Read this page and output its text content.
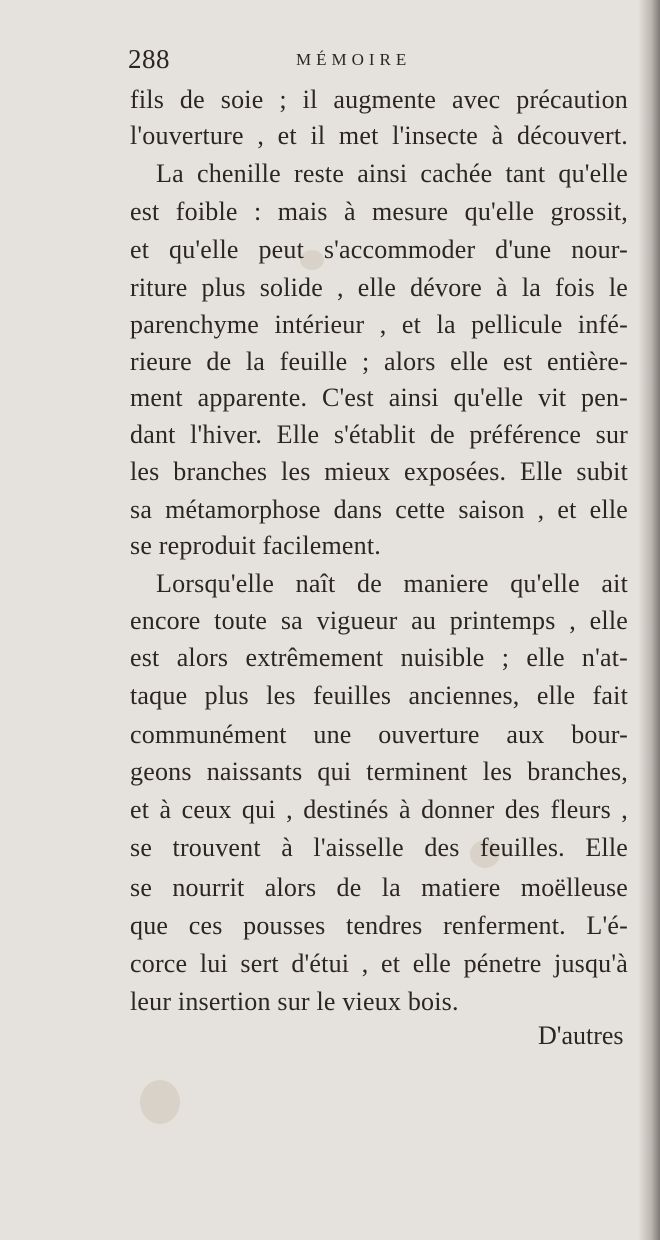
288	MÉMOIRE
fils de soie ; il augmente avec précaution
l'ouverture , et il met l'insecte à découvert.
La chenille reste ainsi cachée tant qu'elle
est foible : mais à mesure qu'elle grossit,
et qu'elle peut s'accommoder d'une nour-
riture plus solide , elle dévore à la fois le
parenchyme intérieur , et la pellicule infé-
rieure de la feuille ; alors elle est entière-
ment apparente. C'est ainsi qu'elle vit pen-
dant l'hiver. Elle s'établit de préférence sur
les branches les mieux exposées. Elle subit
sa métamorphose dans cette saison , et elle
se reproduit facilement.
Lorsqu'elle naît de maniere qu'elle ait
encore toute sa vigueur au printemps , elle
est alors extrêmement nuisible ; elle n'at-
taque plus les feuilles anciennes, elle fait
communément une ouverture aux bour-
geons naissants qui terminent les branches,
et à ceux qui , destinés à donner des fleurs ,
se trouvent à l'aisselle des feuilles. Elle
se nourrit alors de la matiere moëlleuse
que ces pousses tendres renferment. L'é-
corce lui sert d'étui , et elle pénetre jusqu'à
leur insertion sur le vieux bois.
D'autres
